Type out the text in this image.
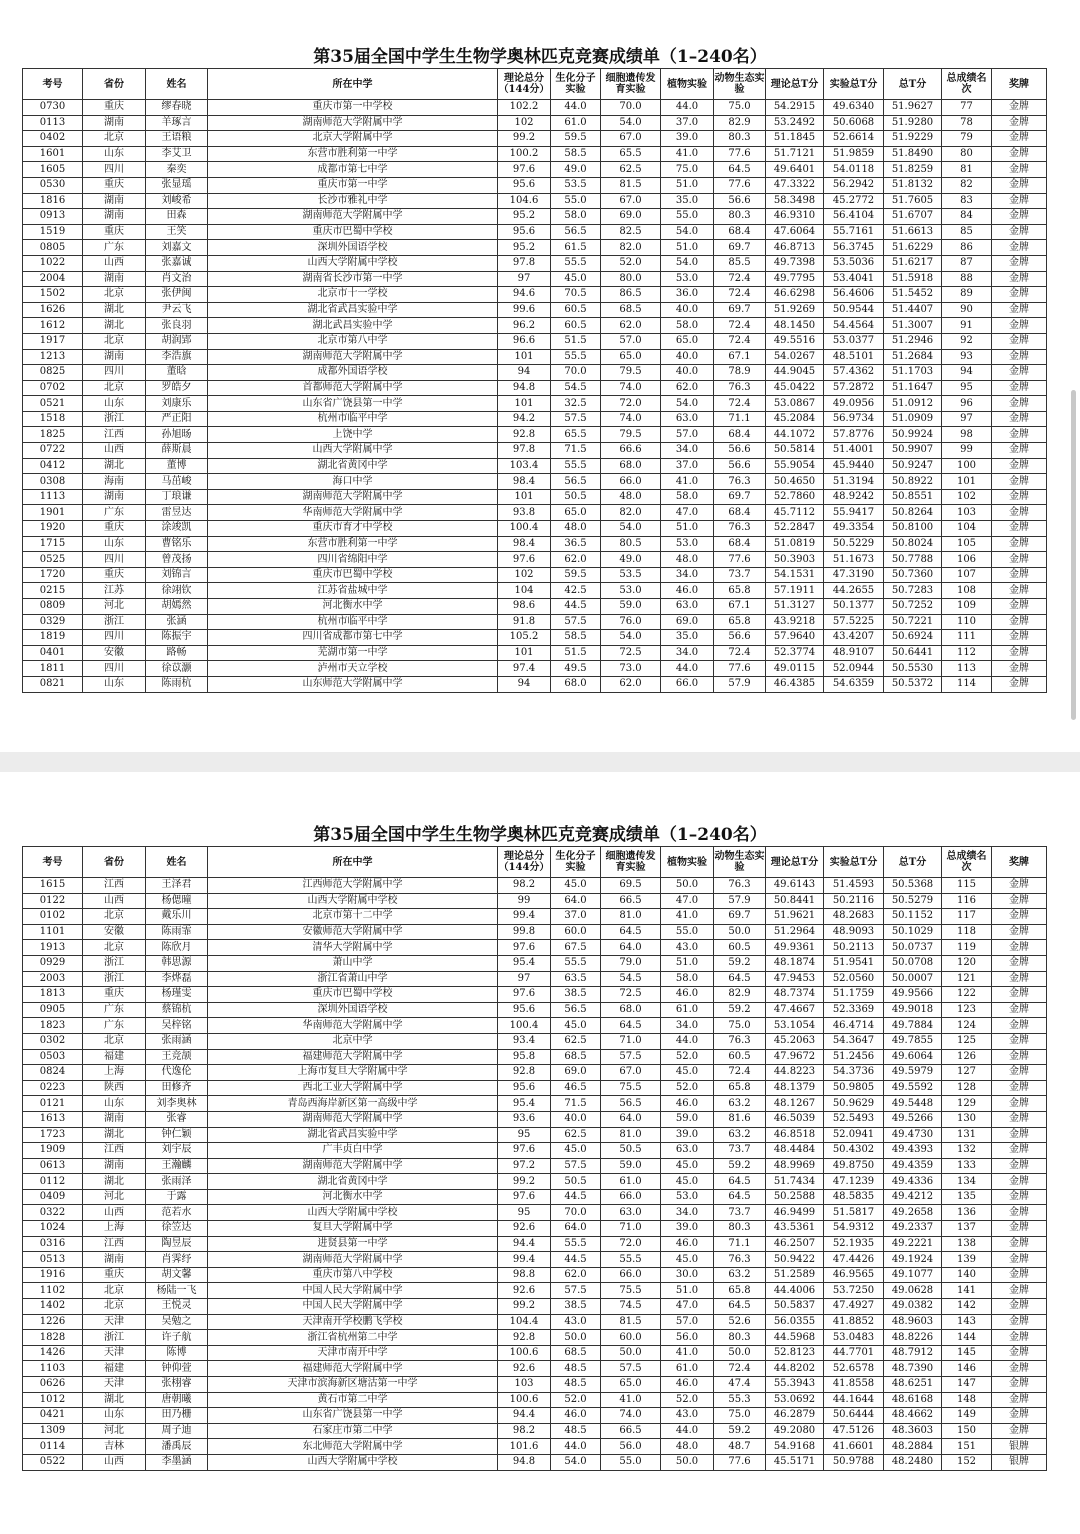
第35届全国中学生生物学奥林匹克竞赛成绩单（1–240名）
考号	省份	姓名	所在中学	理论总分（144分）	生化分子实验	细胞遗传发育实验	植物实验	动物生态实验	理论总T分	实验总T分	总T分	总成绩名次	奖牌
0730	重庆	缪春晓	重庆市第一中学校	102.2	44.0	70.0	44.0	75.0	54.2915	49.6340	51.9627	77	金牌
0113	湖南	羊琢言	湖南师范大学附属中学	102	61.0	54.0	37.0	82.9	53.2492	50.6068	51.9280	78	金牌
0402	北京	王语粮	北京大学附属中学	99.2	59.5	67.0	39.0	80.3	51.1845	52.6614	51.9229	79	金牌
1601	山东	李艾卫	东营市胜利第一中学	100.2	58.5	65.5	41.0	77.6	51.7121	51.9859	51.8490	80	金牌
1605	四川	秦奕	成都市第七中学	97.6	49.0	62.5	75.0	64.5	49.6401	54.0118	51.8259	81	金牌
0530	重庆	张显瑶	重庆市第一中学	95.6	53.5	81.5	51.0	77.6	47.3322	56.2942	51.8132	82	金牌
1816	湖南	刘峻希	长沙市雅礼中学	104.6	55.0	67.0	35.0	56.6	58.3498	45.2772	51.7605	83	金牌
0913	湖南	田森	湖南师范大学附属中学	95.2	58.0	69.0	55.0	80.3	46.9310	56.4104	51.6707	84	金牌
1519	重庆	王笑	重庆市巴蜀中学校	95.6	56.5	82.5	54.0	68.4	47.6064	55.7161	51.6613	85	金牌
0805	广东	刘嘉文	深圳外国语学校	95.2	61.5	82.0	51.0	69.7	46.8713	56.3745	51.6229	86	金牌
1022	山西	张嘉诚	山西大学附属中学校	97.8	55.5	52.0	54.0	85.5	49.7398	53.5036	51.6217	87	金牌
2004	湖南	肖文治	湖南省长沙市第一中学	97	45.0	80.0	53.0	72.4	49.7795	53.4041	51.5918	88	金牌
1502	北京	张伊闽	北京市十一学校	94.6	70.5	86.5	36.0	72.4	46.6298	56.4606	51.5452	89	金牌
1626	湖北	尹云飞	湖北省武昌实验中学	99.6	60.5	68.5	40.0	69.7	51.9269	50.9544	51.4407	90	金牌
1612	湖北	张良羽	湖北武昌实验中学	96.2	60.5	62.0	58.0	72.4	48.1450	54.4564	51.3007	91	金牌
1917	北京	胡润郢	北京市第八中学	96.6	51.5	57.0	65.0	72.4	49.5516	53.0377	51.2946	92	金牌
1213	湖南	李浩旗	湖南师范大学附属中学	101	55.5	65.0	40.0	67.1	54.0267	48.5101	51.2684	93	金牌
0825	四川	董晗	成都外国语学校	94	70.0	79.5	40.0	78.9	44.9045	57.4362	51.1703	94	金牌
0702	北京	罗皓夕	首都师范大学附属中学	94.8	54.5	74.0	62.0	76.3	45.0422	57.2872	51.1647	95	金牌
0521	山东	刘康乐	山东省广饶县第一中学	101	32.5	72.0	54.0	72.4	53.0867	49.0956	51.0912	96	金牌
1518	浙江	严正阳	杭州市临平中学	94.2	57.5	74.0	63.0	71.1	45.2084	56.9734	51.0909	97	金牌
1825	江西	孙旭旸	上饶中学	92.8	65.5	79.5	57.0	68.4	44.1072	57.8776	50.9924	98	金牌
0722	山西	薛斯晨	山西大学附属中学	97.8	71.5	66.6	34.0	56.6	50.5814	51.4001	50.9907	99	金牌
0412	湖北	董博	湖北省黄冈中学	103.4	55.5	68.0	37.0	56.6	55.9054	45.9440	50.9247	100	金牌
0308	海南	马茁峻	海口中学	98.4	56.5	66.0	41.0	76.3	50.4650	51.3194	50.8922	101	金牌
1113	湖南	丁琅谦	湖南师范大学附属中学	101	50.5	48.0	58.0	69.7	52.7860	48.9242	50.8551	102	金牌
1901	广东	雷昱达	华南师范大学附属中学	93.8	65.0	82.0	47.0	68.4	45.7112	55.9417	50.8264	103	金牌
1920	重庆	涂竣凯	重庆市育才中学校	100.4	48.0	54.0	51.0	76.3	52.2847	49.3354	50.8100	104	金牌
1715	山东	曹铭乐	东营市胜利第一中学	98.4	36.5	80.5	53.0	68.4	51.0819	50.5229	50.8024	105	金牌
0525	四川	曾茂扬	四川省绵阳中学	97.6	62.0	49.0	48.0	77.6	50.3903	51.1673	50.7788	106	金牌
1720	重庆	刘锦言	重庆市巴蜀中学校	102	59.5	53.5	34.0	73.7	54.1531	47.3190	50.7360	107	金牌
0215	江苏	徐翊钦	江苏省盐城中学	104	42.5	53.0	46.0	65.8	57.1911	44.2655	50.7283	108	金牌
0809	河北	胡嫣然	河北衡水中学	98.6	44.5	59.0	63.0	67.1	51.3127	50.1377	50.7252	109	金牌
0329	浙江	张涵	杭州市临平中学	91.8	57.5	76.0	69.0	65.8	43.9218	57.5225	50.7221	110	金牌
1819	四川	陈振宇	四川省成都市第七中学	105.2	58.5	54.0	35.0	56.6	57.9640	43.4207	50.6924	111	金牌
0401	安徽	路畅	芜湖市第一中学	101	51.5	72.5	34.0	72.4	52.3774	48.9107	50.6441	112	金牌
1811	四川	徐苡灏	泸州市天立学校	97.4	49.5	73.0	44.0	77.6	49.0115	52.0944	50.5530	113	金牌
0821	山东	陈雨杭	山东师范大学附属中学	94	68.0	62.0	66.0	57.9	46.4385	54.6359	50.5372	114	金牌
第35届全国中学生生物学奥林匹克竞赛成绩单（1–240名）
考号	省份	姓名	所在中学	理论总分（144分）	生化分子实验	细胞遗传发育实验	植物实验	动物生态实验	理论总T分	实验总T分	总T分	总成绩名次	奖牌
1615	江西	王泽君	江西师范大学附属中学	98.2	45.0	69.5	50.0	76.3	49.6143	51.4593	50.5368	115	金牌
0122	山西	杨偲曈	山西大学附属中学校	99	64.0	66.5	47.0	57.9	50.8441	50.2116	50.5279	116	金牌
0102	北京	戴乐川	北京市第十二中学	99.4	37.0	81.0	41.0	69.7	51.9621	48.2683	50.1152	117	金牌
1101	安徽	陈雨霏	安徽师范大学附属中学	99.8	60.0	64.5	55.0	50.0	51.2964	48.9093	50.1029	118	金牌
1913	北京	陈欣月	清华大学附属中学	97.6	67.5	64.0	43.0	60.5	49.9361	50.2113	50.0737	119	金牌
0929	浙江	韩思源	萧山中学	95.4	55.5	79.0	51.0	59.2	48.1874	51.9541	50.0708	120	金牌
2003	浙江	李烨磊	浙江省萧山中学	97	63.5	54.5	58.0	64.5	47.9453	52.0560	50.0007	121	金牌
1813	重庆	杨瑾雯	重庆市巴蜀中学校	97.6	38.5	72.5	46.0	82.9	48.7374	51.1759	49.9566	122	金牌
0905	广东	蔡锦杭	深圳外国语学校	95.6	56.5	68.0	61.0	59.2	47.4667	52.3369	49.9018	123	金牌
1823	广东	吴梓铭	华南师范大学附属中学	100.4	45.0	64.5	34.0	75.0	53.1054	46.4714	49.7884	124	金牌
0302	北京	张雨涵	北京中学	93.4	62.5	71.0	44.0	76.3	45.2063	54.3647	49.7855	125	金牌
0503	福建	王竞颉	福建师范大学附属中学	95.8	68.5	57.5	52.0	60.5	47.9672	51.2456	49.6064	126	金牌
0824	上海	代逸伦	上海市复旦大学附属中学	92.8	69.0	67.0	45.0	72.4	44.8223	54.3736	49.5979	127	金牌
0223	陕西	田修齐	西北工业大学附属中学	95.6	46.5	75.5	52.0	65.8	48.1379	50.9805	49.5592	128	金牌
0121	山东	刘李奥林	青岛西海岸新区第一高级中学	95.4	71.5	56.5	46.0	63.2	48.1267	50.9629	49.5448	129	金牌
1613	湖南	张睿	湖南师范大学附属中学	93.6	40.0	64.0	59.0	81.6	46.5039	52.5493	49.5266	130	金牌
1723	湖北	钟仁颖	湖北省武昌实验中学	95	62.5	81.0	39.0	63.2	46.8518	52.0941	49.4730	131	金牌
1909	江西	刘宇辰	广丰贞白中学	97.6	45.0	50.5	63.0	73.7	48.4484	50.4302	49.4393	132	金牌
0613	湖南	王瀚麟	湖南师范大学附属中学	97.2	57.5	59.0	45.0	59.2	48.9969	49.8750	49.4359	133	金牌
0112	湖北	张雨泽	湖北省黄冈中学	99.2	50.5	61.0	45.0	64.5	51.7434	47.1239	49.4336	134	金牌
0409	河北	于露	河北衡水中学	97.6	44.5	66.0	53.0	64.5	50.2588	48.5835	49.4212	135	金牌
0322	山西	范若水	山西大学附属中学校	95	70.0	63.0	34.0	73.7	46.9499	51.5817	49.2658	136	金牌
1024	上海	徐笠达	复旦大学附属中学	92.6	64.0	71.0	39.0	80.3	43.5361	54.9312	49.2337	137	金牌
0316	江西	陶昱辰	进贤县第一中学	94.4	55.5	72.0	46.0	71.1	46.2507	52.1935	49.2221	138	金牌
0513	湖南	肖霁纾	湖南师范大学附属中学	99.4	44.5	55.5	45.0	76.3	50.9422	47.4426	49.1924	139	金牌
1916	重庆	胡文馨	重庆市第八中学校	98.8	62.0	66.0	30.0	63.2	51.2589	46.9565	49.1077	140	金牌
1102	北京	杨陆一飞	中国人民大学附属中学	92.6	57.5	75.5	51.0	65.8	44.4006	53.7250	49.0628	141	金牌
1402	北京	王悦灵	中国人民大学附属中学	99.2	38.5	74.5	47.0	64.5	50.5837	47.4927	49.0382	142	金牌
1226	天津	吴勉之	天津南开学校鹏飞学校	104.4	43.0	81.5	57.0	52.6	56.0355	41.8852	48.9603	143	金牌
1828	浙江	许子航	浙江省杭州第二中学	92.8	50.0	60.0	56.0	80.3	44.5968	53.0483	48.8226	144	金牌
1426	天津	陈博	天津市南开中学	100.6	68.5	50.0	41.0	50.0	52.8123	44.7701	48.7912	145	金牌
1103	福建	钟仰萱	福建师范大学附属中学	92.6	48.5	57.5	61.0	72.4	44.8202	52.6578	48.7390	146	金牌
0626	天津	张栩睿	天津市滨海新区塘沽第一中学	103	48.5	65.0	46.0	47.4	55.3943	41.8558	48.6251	147	金牌
1012	湖北	唐朝曦	黄石市第二中学	100.6	52.0	41.0	52.0	55.3	53.0692	44.1644	48.6168	148	金牌
0421	山东	田乃栅	山东省广饶县第一中学	94.4	46.0	74.0	43.0	75.0	46.2879	50.6444	48.4662	149	金牌
1309	河北	周子迪	石家庄市第二中学	98.2	48.5	66.5	44.0	59.2	49.2080	47.5126	48.3603	150	金牌
0114	吉林	潘禹辰	东北师范大学附属中学	101.6	44.0	56.0	48.0	48.7	54.9168	41.6601	48.2884	151	银牌
0522	山西	李墨涵	山西大学附属中学校	94.8	54.0	55.0	50.0	77.6	45.5171	50.9788	48.2480	152	银牌
